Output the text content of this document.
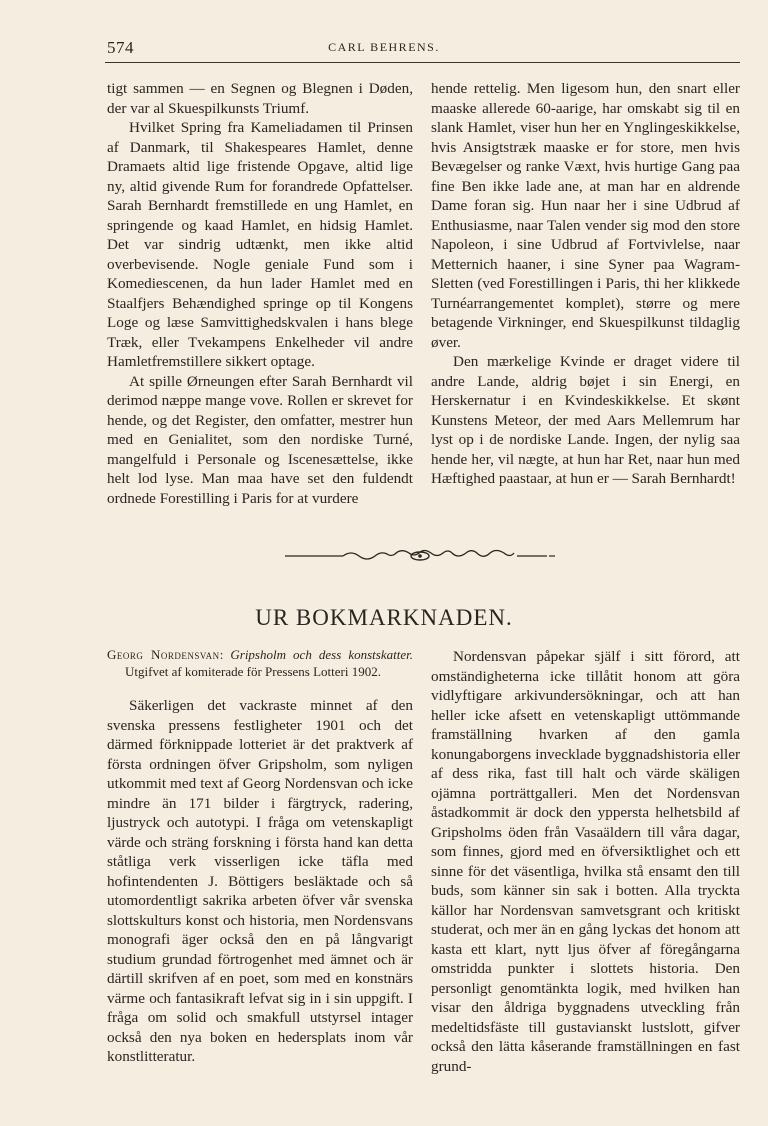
574	CARL BEHRENS.

tigt sammen — en Segnen og Blegnen i Døden, der var al Skuespilkunsts Triumf.

Hvilket Spring fra Kameliadamen til Prinsen af Danmark, til Shakespeares Hamlet, denne Dramaets altid lige fristende Opgave, altid lige ny, altid givende Rum for forandrede Opfattelser. Sarah Bernhardt fremstillede en ung Hamlet, en springende og kaad Hamlet, en hidsig Hamlet. Det var sindrig udtænkt, men ikke altid overbevisende. Nogle geniale Fund som i Komediescenen, da hun lader Hamlet med en Staalfjers Behændighed springe op til Kongens Loge og læse Samvittighedskvalen i hans blege Træk, eller Tvekampens Enkelheder vil andre Hamletfremstillere sikkert optage.

At spille Ørneungen efter Sarah Bernhardt vil derimod næppe mange vove. Rollen er skrevet for hende, og det Register, den omfatter, mestrer hun med en Genialitet, som den nordiske Turné, mangelfuld i Personale og Iscenesættelse, ikke helt lod lyse. Man maa have set den fuldendt ordnede Forestilling i Paris for at vurdere

hende rettelig. Men ligesom hun, den snart eller maaske allerede 60-aarige, har omskabt sig til en slank Hamlet, viser hun her en Ynglingeskikkelse, hvis Ansigtstræk maaske er for store, men hvis Bevægelser og ranke Væxt, hvis hurtige Gang paa fine Ben ikke lade ane, at man har en aldrende Dame foran sig. Hun naar her i sine Udbrud af Enthusiasme, naar Talen vender sig mod den store Napoleon, i sine Udbrud af Fortvivlelse, naar Metternich haaner, i sine Syner paa Wagram-Sletten (ved Forestillingen i Paris, thi her klikkede Turnéarrangementet komplet), større og mere betagende Virkninger, end Skuespilkunst tildaglig øver.

Den mærkelige Kvinde er draget videre til andre Lande, aldrig bøjet i sin Energi, en Herskernatur i en Kvindeskikkelse. Et skønt Kunstens Meteor, der med Aars Mellemrum har lyst op i de nordiske Lande. Ingen, der nylig saa hende her, vil nægte, at hun har Ret, naar hun med Hæftighed paastaar, at hun er — Sarah Bernhardt!

UR BOKMARKNADEN.

Georg Nordensvan: Gripsholm och dess konstskatter. Utgifvet af komiterade för Pressens Lotteri 1902.

Säkerligen det vackraste minnet af den svenska pressens festligheter 1901 och det därmed förknippade lotteriet är det praktverk af första ordningen öfver Gripsholm, som nyligen utkommit med text af Georg Nordensvan och icke mindre än 171 bilder i färgtryck, radering, ljustryck och autotypi. I fråga om vetenskapligt värde och sträng forskning i första hand kan detta ståtliga verk visserligen icke täfla med hofintendenten J. Böttigers besläktade och så utomordentligt sakrika arbeten öfver vår svenska slottskulturs konst och historia, men Nordensvans monografi äger också den en på långvarigt studium grundad förtrogenhet med ämnet och är därtill skrifven af en poet, som med en konstnärs värme och fantasikraft lefvat sig in i sin uppgift. I fråga om solid och smakfull utstyrsel intager också den nya boken en hedersplats inom vår konstlitteratur.

Nordensvan påpekar själf i sitt förord, att omständigheterna icke tillåtit honom att göra vidlyftigare arkivundersökningar, och att han heller icke afsett en vetenskapligt uttömmande framställning hvarken af den gamla konungaborgens invecklade byggnadshistoria eller af dess rika, fast till halt och värde skäligen ojämna porträttgalleri. Men det Nordensvan åstadkommit är dock den yppersta helhetsbild af Gripsholms öden från Vasaäldern till våra dagar, som finnes, gjord med en öfversiktlighet och ett sinne för det väsentliga, hvilka stå ensamt den till buds, som känner sin sak i botten. Alla tryckta källor har Nordensvan samvetsgrant och kritiskt studerat, och mer än en gång lyckas det honom att kasta ett klart, nytt ljus öfver af föregångarna omstridda punkter i slottets historia. Den personligt genomtänkta logik, med hvilken han visar den åldriga byggnadens utveckling från medeltidsfäste till gustavianskt lustslott, gifver också den lätta kåserande framställningen en fast grund-
